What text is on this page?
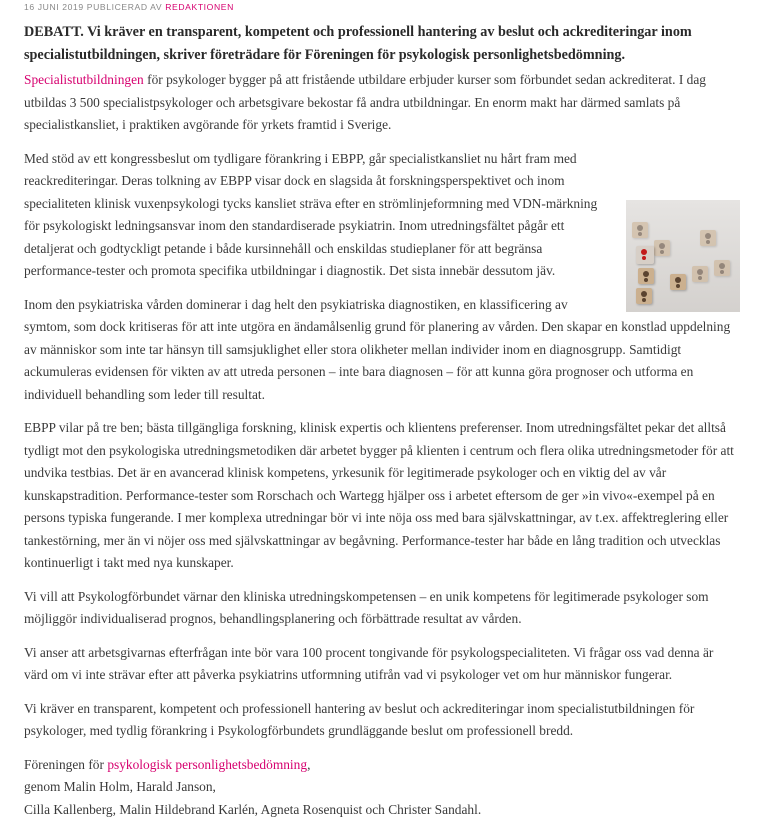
16 JUNI 2019 PUBLICERAD AV REDAKTIONEN
DEBATT. Vi kräver en transparent, kompetent och professionell hantering av beslut och ackrediteringar inom specialistutbildningen, skriver företrädare för Föreningen för psykologisk personlighetsbedömning.

Specialistutbildningen för psykologer bygger på att fristående utbildare erbjuder kurser som förbundet sedan ackrediterat. I dag utbildas 3 500 specialistpsykologer och arbetsgivare bekostar få andra utbildningar. En enorm makt har därmed samlats på specialistkansliet, i praktiken avgörande för yrkets framtid i Sverige.

Med stöd av ett kongressbeslut om tydligare förankring i EBPP, går specialistkansliet nu hårt fram med reackrediteringar. Deras tolkning av EBPP visar dock en slagsida åt forskningsperspektivet och inom specialiteten klinisk vuxenpsykologi tycks kansliet sträva efter en strömlinjeformning med VDN-märkning för psykologiskt ledningsansvar inom den standardiserade psykiatrin. Inom utredningsfältet pågår ett detaljerat och godtyckligt petande i både kursinnehåll och enskildas studieplaner för att begränsa performance-tester och promota specifika utbildningar i diagnostik. Det sista innebär dessutom jäv.

Inom den psykiatriska vården dominerar i dag helt den psykiatriska diagnostiken, en klassificering av symtom, som dock kritiseras för att inte utgöra en ändamålsenlig grund för planering av vården. Den skapar en konstlad uppdelning av människor som inte tar hänsyn till samsjuklighet eller stora olikheter mellan individer inom en diagnosgrupp. Samtidigt ackumuleras evidensen för vikten av att utreda personen – inte bara diagnosen – för att kunna göra prognoser och utforma en individuell behandling som leder till resultat.

EBPP vilar på tre ben; bästa tillgängliga forskning, klinisk expertis och klientens preferenser. Inom utredningsfältet pekar det alltså tydligt mot den psykologiska utredningsmetodiken där arbetet bygger på klienten i centrum och flera olika utredningsmetoder för att undvika testbias. Det är en avancerad klinisk kompetens, yrkesunik för legitimerade psykologer och en viktig del av vår kunskapstradition. Performance-tester som Rorschach och Wartegg hjälper oss i arbetet eftersom de ger »in vivo«-exempel på en persons typiska fungerande. I mer komplexa utredningar bör vi inte nöja oss med bara självskattningar, av t.ex. affektreglering eller tankestörning, mer än vi nöjer oss med självskattningar av begåvning. Performance-tester har både en lång tradition och utvecklas kontinuerligt i takt med nya kunskaper.

Vi vill att Psykologförbundet värnar den kliniska utredningskompetensen – en unik kompetens för legitimerade psykologer som möjliggör individualiserad prognos, behandlingsplanering och förbättrade resultat av vården.

Vi anser att arbetsgivarnas efterfrågan inte bör vara 100 procent tongivande för psykologspecialiteten. Vi frågar oss vad denna är värd om vi inte strävar efter att påverka psykiatrins utformning utifrån vad vi psykologer vet om hur människor fungerar.

Vi kräver en transparent, kompetent och professionell hantering av beslut och ackrediteringar inom specialistutbildningen för psykologer, med tydlig förankring i Psykologförbundets grundläggande beslut om professionell bredd.

Föreningen för psykologisk personlighetsbedömning,
genom Malin Holm, Harald Janson,
Cilla Kallenberg, Malin Hildebrand Karlén, Agneta Rosenquist och Christer Sandahl.
